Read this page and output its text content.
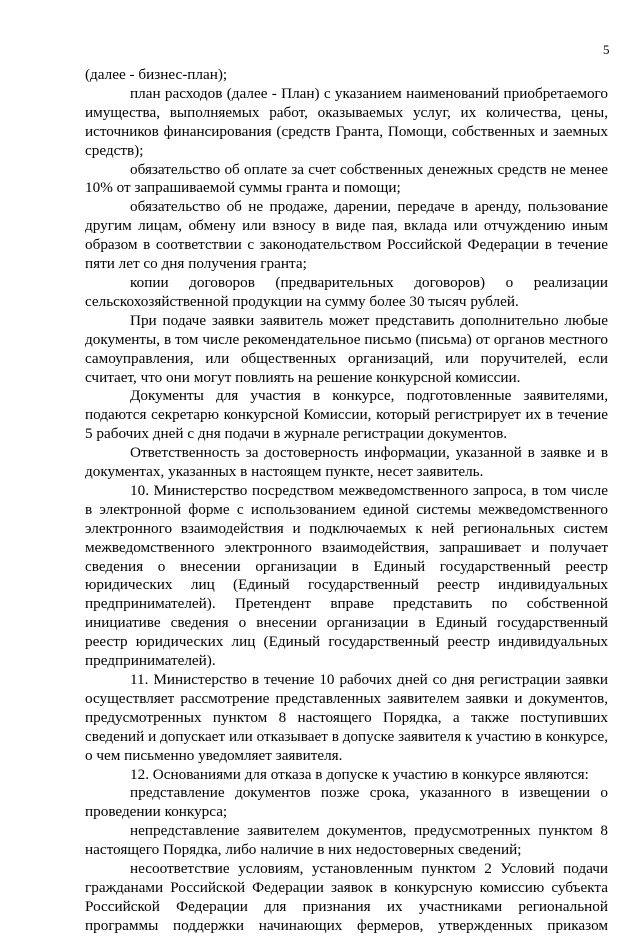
5

(далее - бизнес-план);

план расходов (далее - План) с указанием наименований приобретаемого имущества, выполняемых работ, оказываемых услуг, их количества, цены, источников финансирования (средств Гранта, Помощи, собственных и заемных средств);

обязательство об оплате за счет собственных денежных средств не менее 10% от запрашиваемой суммы гранта и помощи;

обязательство об не продаже, дарении, передаче в аренду, пользование другим лицам, обмену или взносу в виде пая, вклада или отчуждению иным образом в соответствии с законодательством Российской Федерации в течение пяти лет со дня получения гранта;

копии договоров (предварительных договоров) о реализации сельскохозяйственной продукции на сумму более 30 тысяч рублей.

При подаче заявки заявитель может представить дополнительно любые документы, в том числе рекомендательное письмо (письма) от органов местного самоуправления, или общественных организаций, или поручителей, если считает, что они могут повлиять на решение конкурсной комиссии.

Документы для участия в конкурсе, подготовленные заявителями, подаются секретарю конкурсной Комиссии, который регистрирует их в течение 5 рабочих дней с дня подачи в журнале регистрации документов.

Ответственность за достоверность информации, указанной в заявке и в документах, указанных в настоящем пункте, несет заявитель.

10. Министерство посредством межведомственного запроса, в том числе в электронной форме с использованием единой системы межведомственного электронного взаимодействия и подключаемых к ней региональных систем межведомственного электронного взаимодействия, запрашивает и получает сведения о внесении организации в Единый государственный реестр юридических лиц (Единый государственный реестр индивидуальных предпринимателей). Претендент вправе представить по собственной инициативе сведения о внесении организации в Единый государственный реестр юридических лиц (Единый государственный реестр индивидуальных предпринимателей).

11. Министерство в течение 10 рабочих дней со дня регистрации заявки осуществляет рассмотрение представленных заявителем заявки и документов, предусмотренных пунктом 8 настоящего Порядка, а также поступивших сведений и допускает или отказывает в допуске заявителя к участию в конкурсе, о чем письменно уведомляет заявителя.

12. Основаниями для отказа в допуске к участию в конкурсе являются:

представление документов позже срока, указанного в извещении о проведении конкурса;

непредставление заявителем документов, предусмотренных пунктом 8 настоящего Порядка, либо наличие в них недостоверных сведений;

несоответствие условиям, установленным пунктом 2 Условий подачи гражданами Российской Федерации заявок в конкурсную комиссию субъекта Российской Федерации для признания их участниками региональной программы поддержки начинающих фермеров, утвержденных приказом
